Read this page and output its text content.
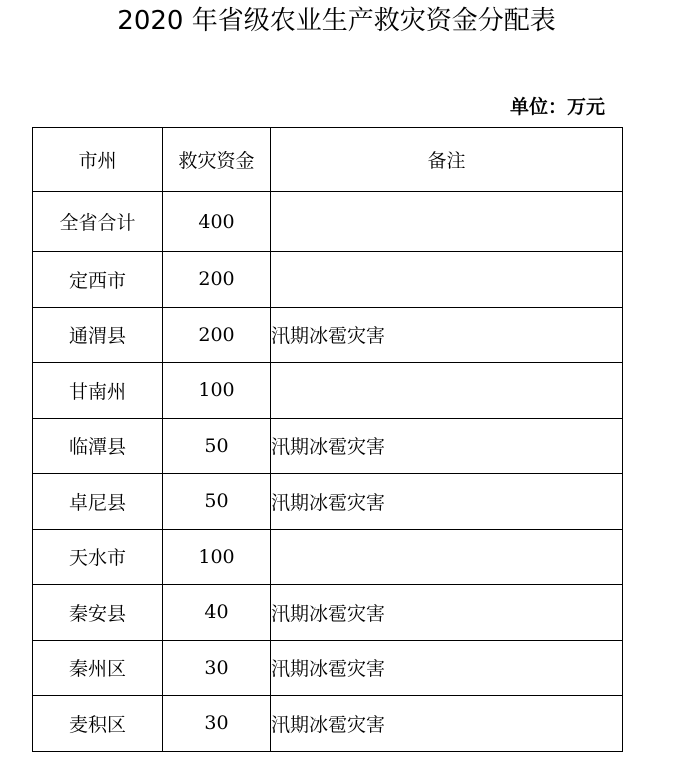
2020 年省级农业生产救灾资金分配表
单位：万元
市州	救灾资金	备注
全省合计	400	
定西市	200	
通渭县	200	汛期冰雹灾害
甘南州	100	
临潭县	50	汛期冰雹灾害
卓尼县	50	汛期冰雹灾害
天水市	100	
秦安县	40	汛期冰雹灾害
秦州区	30	汛期冰雹灾害
麦积区	30	汛期冰雹灾害
